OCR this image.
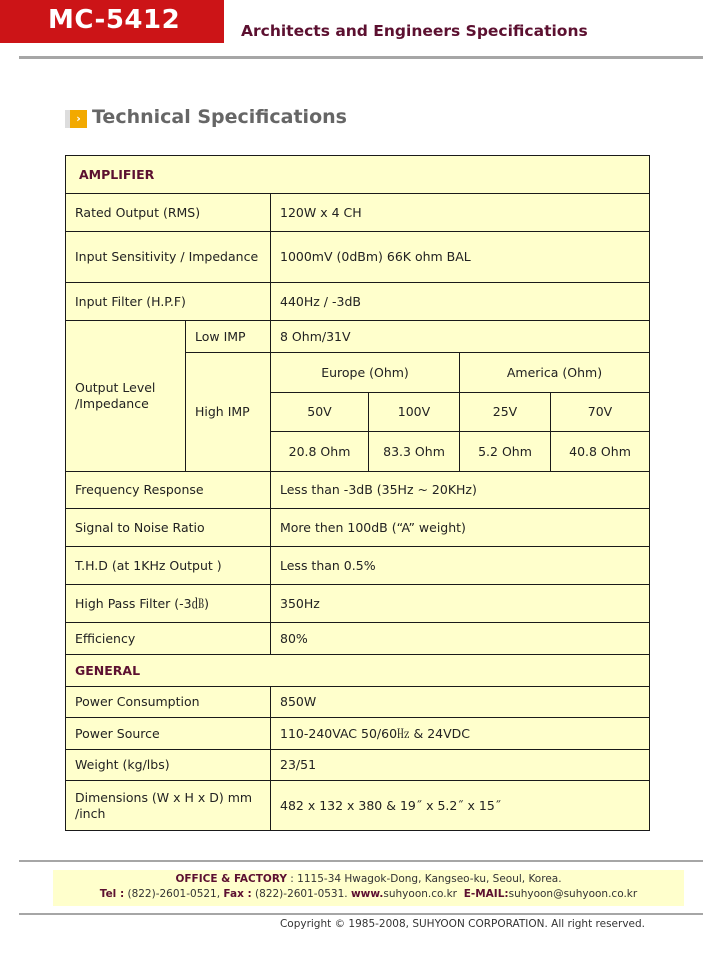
MC-5412	Architects and Engineers Specifications
› Technical Specifications
AMPLIFIER					
Rated Output (RMS)		120W x 4 CH			
Input Sensitivity / Impedance		1000mV (0dBm) 66K ohm BAL			
Input Filter (H.P.F)		440Hz / -3dB			
Output Level /Impedance	Low IMP	8 Ohm/31V			
	High IMP	Europe (Ohm)		America (Ohm)	
		50V	100V	25V	70V
		20.8 Ohm	83.3 Ohm	5.2 Ohm	40.8 Ohm
Frequency Response		Less than -3dB (35Hz ~ 20KHz)			
Signal to Noise Ratio		More then 100dB (“A” weight)			
T.H.D (at 1KHz Output )		Less than 0.5%			
High Pass Filter (-3㏈)		350Hz			
Efficiency		80%			
GENERAL					
Power Consumption		850W			
Power Source		110-240VAC 50/60㎐ & 24VDC			
Weight (kg/lbs)		23/51			
Dimensions (W x H x D) mm /inch		482 x 132 x 380 & 19˝ x 5.2˝ x 15˝			
OFFICE & FACTORY : 1115-34 Hwagok-Dong, Kangseo-ku, Seoul, Korea.
Tel : (822)-2601-0521, Fax : (822)-2601-0531. www.suhyoon.co.kr E-MAIL:suhyoon@suhyoon.co.kr
Copyright © 1985-2008, SUHYOON CORPORATION. All right reserved.
